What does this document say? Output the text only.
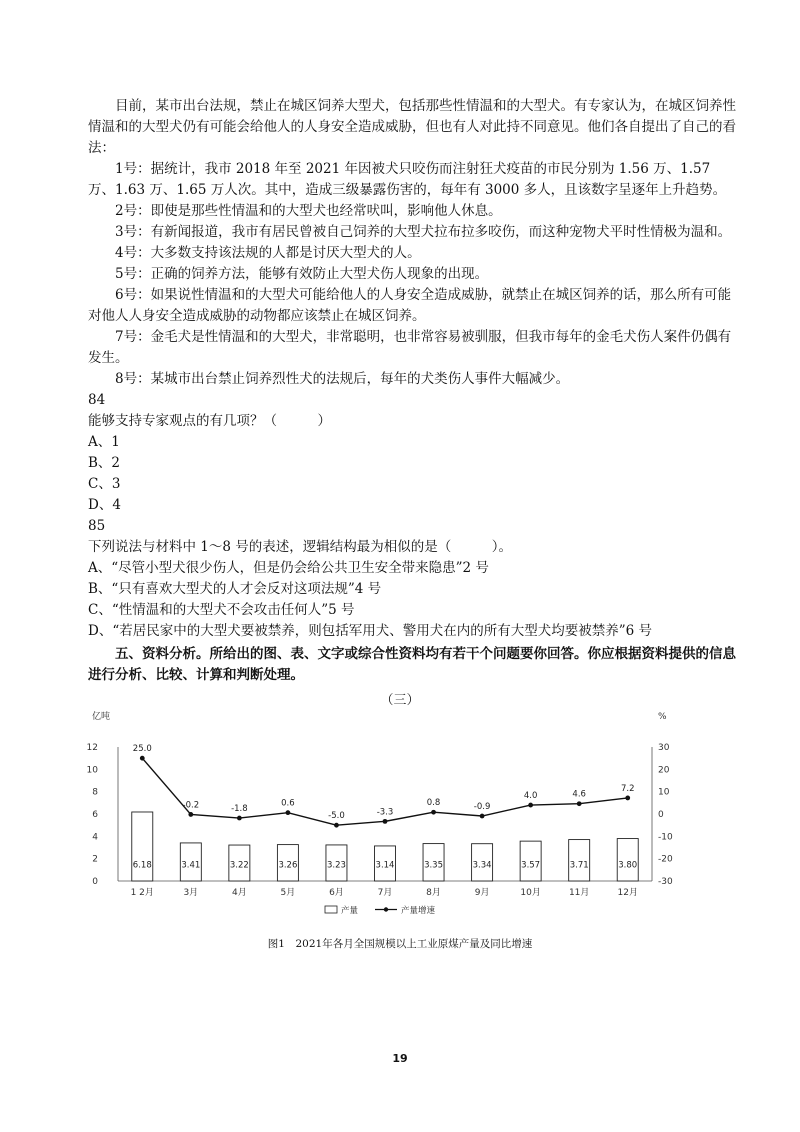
目前，某市出台法规，禁止在城区饲养大型犬，包括那些性情温和的大型犬。有专家认为，在城区饲养性情温和的大型犬仍有可能会给他人的人身安全造成威胁，但也有人对此持不同意见。他们各自提出了自己的看法：

1号：据统计，我市 2018 年至 2021 年因被犬只咬伤而注射狂犬疫苗的市民分别为 1.56 万、1.57 万、1.63 万、1.65 万人次。其中，造成三级暴露伤害的，每年有 3000 多人，且该数字呈逐年上升趋势。

2号：即使是那些性情温和的大型犬也经常吠叫，影响他人休息。

3号：有新闻报道，我市有居民曾被自己饲养的大型犬拉布拉多咬伤，而这种宠物犬平时性情极为温和。

4号：大多数支持该法规的人都是讨厌大型犬的人。

5号：正确的饲养方法，能够有效防止大型犬伤人现象的出现。

6号：如果说性情温和的大型犬可能给他人的人身安全造成威胁，就禁止在城区饲养的话，那么所有可能对他人人身安全造成威胁的动物都应该禁止在城区饲养。

7号：金毛犬是性情温和的大型犬，非常聪明，也非常容易被驯服，但我市每年的金毛犬伤人案件仍偶有发生。

8号：某城市出台禁止饲养烈性犬的法规后，每年的犬类伤人事件大幅减少。

84

能够支持专家观点的有几项？（　　　）

A、1

B、2

C、3

D、4

85

下列说法与材料中 1～8 号的表述，逻辑结构最为相似的是（　　　）。

A、“尽管小型犬很少伤人，但是仍会给公共卫生安全带来隐患”2 号

B、“只有喜欢大型犬的人才会反对这项法规”4 号

C、“性情温和的大型犬不会攻击任何人”5 号

D、“若居民家中的大型犬要被禁养，则包括军用犬、警用犬在内的所有大型犬均要被禁养”6 号

五、资料分析。所给出的图、表、文字或综合性资料均有若干个问题要你回答。你应根据资料提供的信息进行分析、比较、计算和判断处理。

（三）
亿吨	%
0
2
4
6
8
10
12
-30
-20
-10
0
10
20
30
6.18	3.41	3.22	3.26	3.23	3.14	3.35	3.34	3.57	3.71	3.80
25.0
-0.2	-1.8
0.6
-5.0	-3.3
0.8	-0.9
4.0	4.6
7.2
1 2月	3月	4月	5月	6月	7月	8月	9月	10月	11月	12月
产量	产量增速
图1　2021年各月全国规模以上工业原煤产量及同比增速
19
